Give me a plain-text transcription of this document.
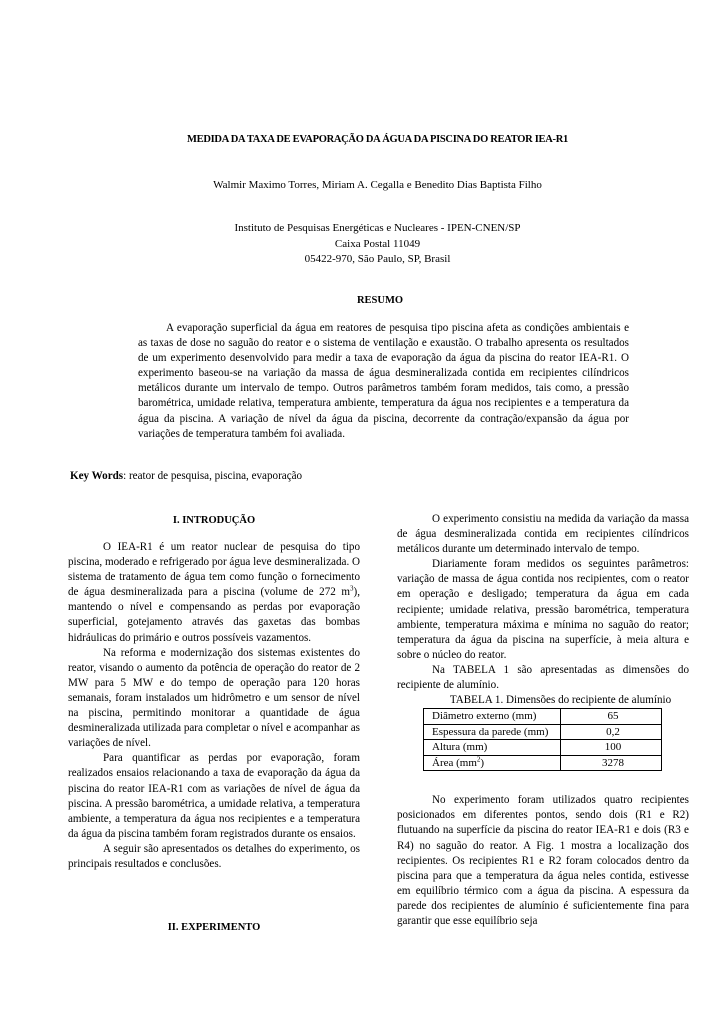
MEDIDA DA TAXA DE EVAPORAÇÃO DA ÁGUA DA PISCINA DO REATOR IEA-R1
Walmir Maximo Torres, Miriam A. Cegalla e Benedito Dias Baptista Filho
Instituto de Pesquisas Energéticas e Nucleares - IPEN-CNEN/SP
Caixa Postal 11049
05422-970, São Paulo, SP, Brasil
RESUMO

A evaporação superficial da água em reatores de pesquisa tipo piscina afeta as condições ambientais e as taxas de dose no saguão do reator e o sistema de ventilação e exaustão. O trabalho apresenta os resultados de um experimento desenvolvido para medir a taxa de evaporação da água da piscina do reator IEA-R1. O experimento baseou-se na variação da massa de água desmineralizada contida em recipientes cilíndricos metálicos durante um intervalo de tempo. Outros parâmetros também foram medidos, tais como, a pressão barométrica, umidade relativa, temperatura ambiente, temperatura da água nos recipientes e a temperatura da água da piscina. A variação de nível da água da piscina, decorrente da contração/expansão da água por variações de temperatura também foi avaliada.

Key Words: reator de pesquisa, piscina, evaporação
I. INTRODUÇÃO

O IEA-R1 é um reator nuclear de pesquisa do tipo piscina, moderado e refrigerado por água leve desmineralizada. O sistema de tratamento de água tem como função o fornecimento de água desmineralizada para a piscina (volume de 272 $m^3$), mantendo o nível e compensando as perdas por evaporação superficial, gotejamento através das gaxetas das bombas hidráulicas do primário e outros possíveis vazamentos.

Na reforma e modernização dos sistemas existentes do reator, visando o aumento da potência de operação do reator de 2 MW para 5 MW e do tempo de operação para 120 horas semanais, foram instalados um hidrômetro e um sensor de nível na piscina, permitindo monitorar a quantidade de água desmineralizada utilizada para completar o nível e acompanhar as variações de nível.

Para quantificar as perdas por evaporação, foram realizados ensaios relacionando a taxa de evaporação da água da piscina do reator IEA-R1 com as variações de nível de água da piscina. A pressão barométrica, a umidade relativa, a temperatura ambiente, a temperatura da água nos recipientes e a temperatura da água da piscina também foram registrados durante os ensaios.

A seguir são apresentados os detalhes do experimento, os principais resultados e conclusões.

II. EXPERIMENTO

O experimento consistiu na medida da variação da massa de água desmineralizada contida em recipientes cilíndricos metálicos durante um determinado intervalo de tempo.

Diariamente foram medidos os seguintes parâmetros: variação de massa de água contida nos recipientes, com o reator em operação e desligado; temperatura da água em cada recipiente; umidade relativa, pressão barométrica, temperatura ambiente, temperatura máxima e mínima no saguão do reator; temperatura da água da piscina na superfície, à meia altura e sobre o núcleo do reator.

Na TABELA 1 são apresentadas as dimensões do recipiente de alumínio.

TABELA 1. Dimensões do recipiente de alumínio

Diâmetro externo (mm)	65
Espessura da parede (mm)	0,2
Altura (mm)	100
Área $(mm^2)$	3278

No experimento foram utilizados quatro recipientes posicionados em diferentes pontos, sendo dois (R1 e R2) flutuando na superfície da piscina do reator IEA-R1 e dois (R3 e R4) no saguão do reator. A Fig. 1 mostra a localização dos recipientes. Os recipientes R1 e R2 foram colocados dentro da piscina para que a temperatura da água neles contida, estivesse em equilíbrio térmico com a água da piscina. A espessura da parede dos recipientes de alumínio é suficientemente fina para garantir que esse equilíbrio seja
